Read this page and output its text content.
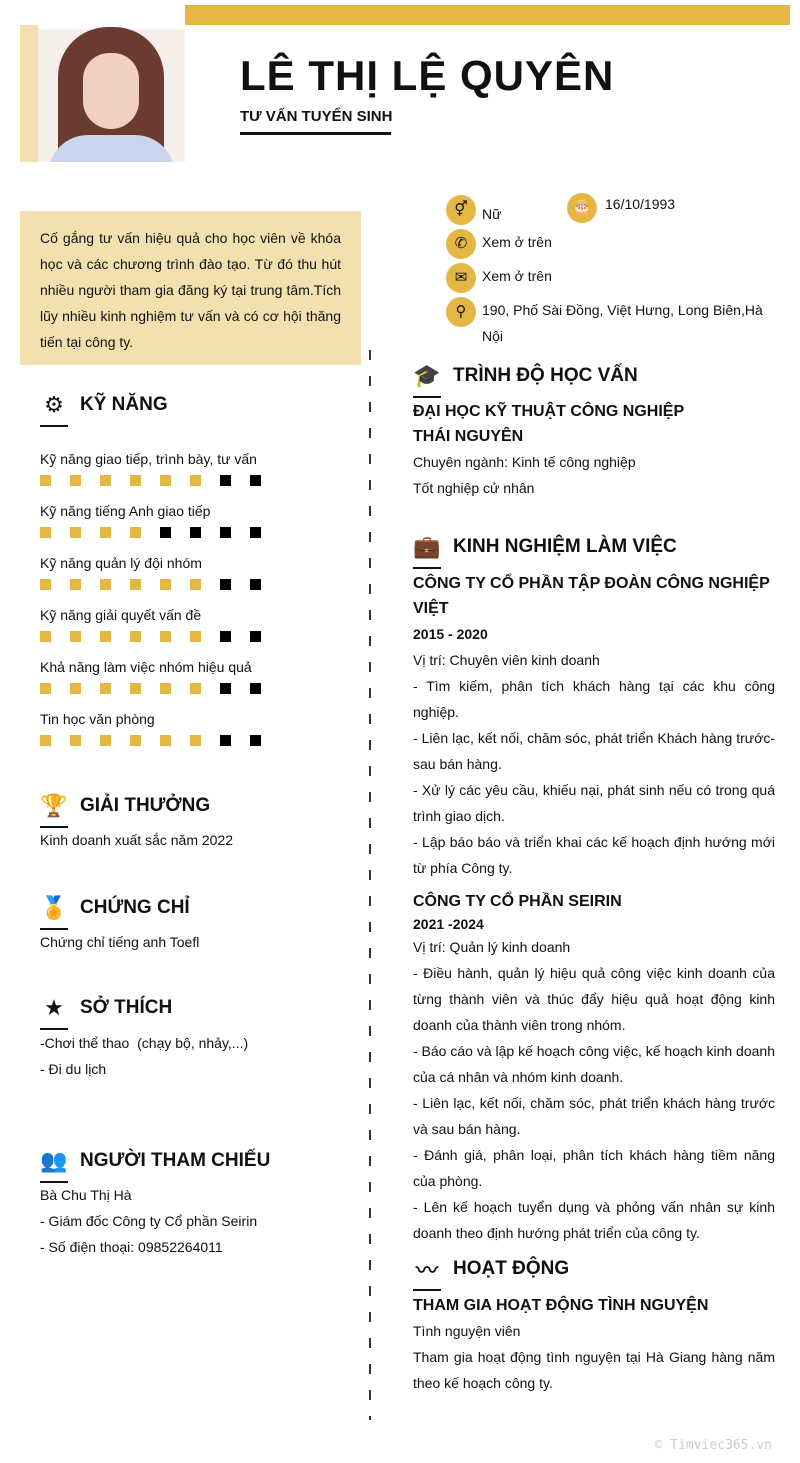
LÊ THỊ LỆ QUYÊN
TƯ VẤN TUYỂN SINH
Cố gắng tư vấn hiệu quả cho học viên về khóa học và các chương trình đào tạo. Từ đó thu hút nhiều người tham gia đăng ký tại trung tâm.Tích lũy nhiều kinh nghiệm tư vấn và có cơ hội thăng tiến tại công ty.
⚥	Nữ	🎂 16/10/1993
✆	Xem ở trên
✉	Xem ở trên
⚲	190, Phố Sài Đồng, Việt Hưng, Long Biên,Hà Nội
⚙ KỸ NĂNG
Kỹ năng giao tiếp, trình bày, tư vấn
Kỹ năng tiếng Anh giao tiếp
Kỹ năng quản lý đội nhóm
Kỹ năng giải quyết vấn đề
Khả năng làm việc nhóm hiệu quả
Tin học văn phòng
🏆 GIẢI THƯỞNG
Kinh doanh xuất sắc năm 2022
🏅 CHỨNG CHỈ
Chứng chỉ tiếng anh Toefl
★ SỞ THÍCH
-Chơi thể thao  (chạy bộ, nhảy,...)
- Đi du lịch
👥 NGƯỜI THAM CHIẾU
Bà Chu Thị Hà
- Giám đốc Công ty Cổ phần Seirin
- Số điện thoại: 09852264011
🎓 TRÌNH ĐỘ HỌC VẤN
ĐẠI HỌC KỸ THUẬT CÔNG NGHIỆP THÁI NGUYÊN
Chuyên ngành: Kinh tế công nghiệp
Tốt nghiệp cử nhân
💼 KINH NGHIỆM LÀM VIỆC
CÔNG TY CỔ PHẦN TẬP ĐOÀN CÔNG NGHIỆP VIỆT
2015 - 2020
Vị trí: Chuyên viên kinh doanh
- Tìm kiếm, phân tích khách hàng tại các khu công nghiệp.
- Liên lạc, kết nối, chăm sóc, phát triển Khách hàng trước-sau bán hàng.
- Xử lý các yêu cầu, khiếu nại, phát sinh nếu có trong quá trình giao dịch.
- Lập báo báo và triển khai các kế hoạch định hướng mới từ phía Công ty.
CÔNG TY CỔ PHẦN SEIRIN
2021 -2024
Vị trí: Quản lý kinh doanh
- Điều hành, quản lý hiệu quả công việc kinh doanh của từng thành viên và thúc đẩy hiệu quả hoạt động kinh doanh của thành viên trong nhóm.
- Báo cáo và lập kế hoạch công việc, kế hoạch kinh doanh của cá nhân và nhóm kinh doanh.
- Liên lạc, kết nối, chăm sóc, phát triển khách hàng trước và sau bán hàng.
- Đánh giá, phân loại, phân tích khách hàng tiềm năng của phòng.
- Lên kế hoạch tuyển dụng và phỏng vấn nhân sự kinh doanh theo định hướng phát triển của công ty.
〰 HOẠT ĐỘNG
THAM GIA HOẠT ĐỘNG TÌNH NGUYỆN
Tình nguyện viên
Tham gia hoạt động tình nguyện tại Hà Giang hàng năm theo kế hoạch công ty.
© Timviec365.vn
